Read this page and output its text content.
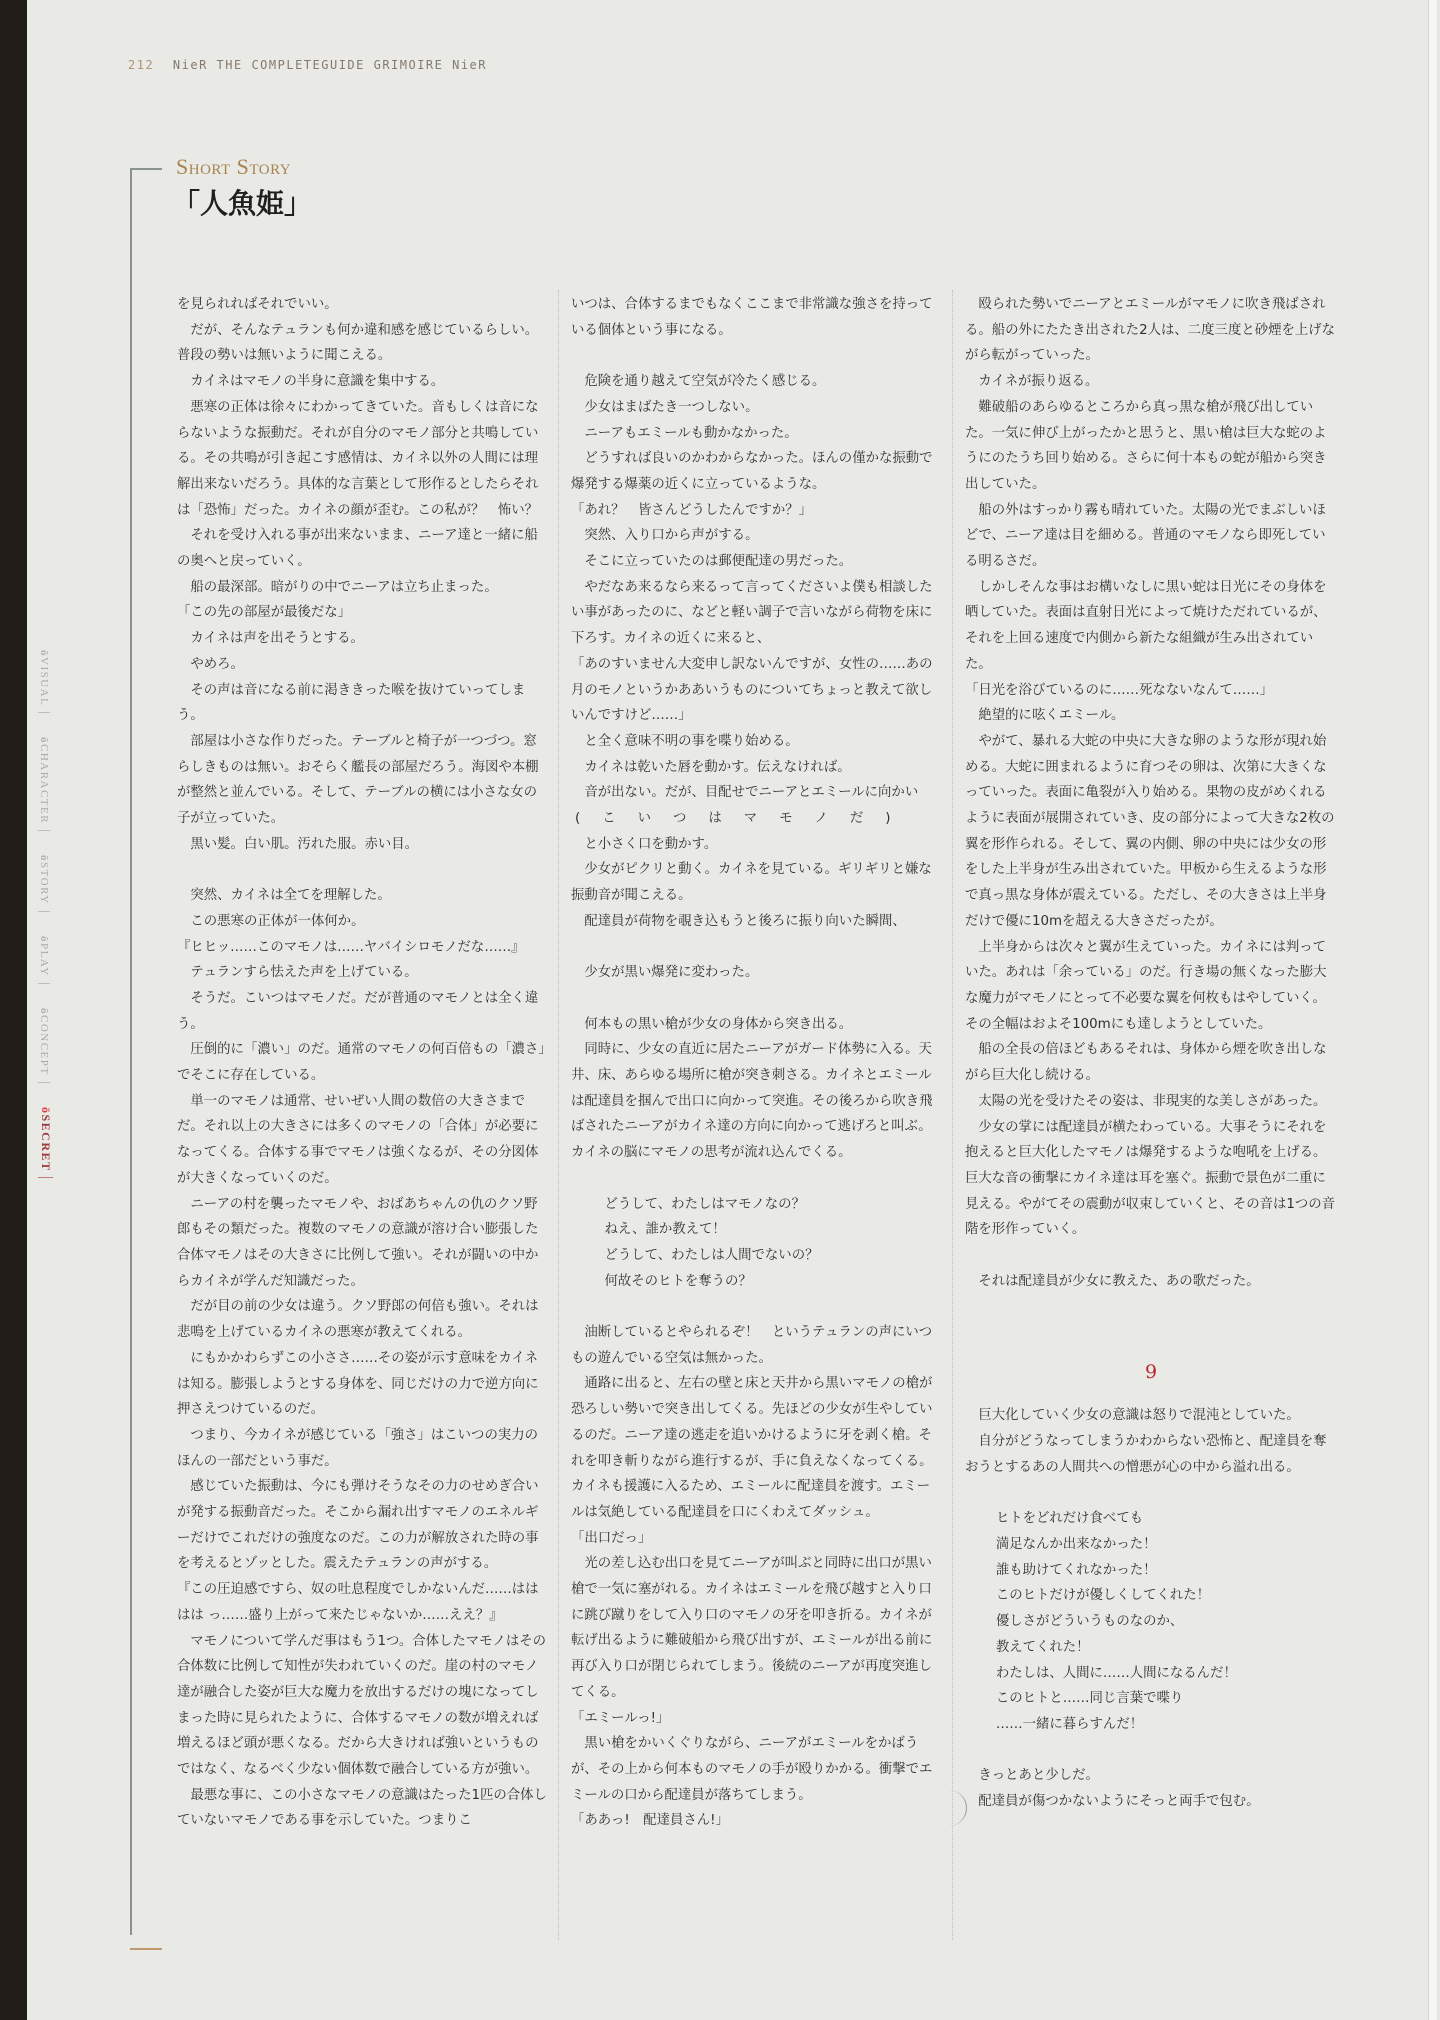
212 NieR THE COMPLETEGUIDE GRIMOIRE NieR
Short Story
「人魚姫」
ōVISUAL
ōCHARACTER
ōSTORY
ōPLAY
ōCONCEPT
ōSECRET

を見られればそれでいい。

だが、そんなテュランも何か違和感を感じているらしい。普段の勢いは無いように聞こえる。

カイネはマモノの半身に意識を集中する。

悪寒の正体は徐々にわかってきていた。音もしくは音にならないような振動だ。それが自分のマモノ部分と共鳴している。その共鳴が引き起こす感情は、カイネ以外の人間には理解出来ないだろう。具体的な言葉として形作るとしたらそれは「恐怖」だった。カイネの顔が歪む。この私が？　怖い？

それを受け入れる事が出来ないまま、ニーア達と一緒に船の奥へと戻っていく。

船の最深部。暗がりの中でニーアは立ち止まった。

「この先の部屋が最後だな」

カイネは声を出そうとする。

やめろ。

その声は音になる前に渇ききった喉を抜けていってしまう。

部屋は小さな作りだった。テーブルと椅子が一つづつ。窓らしきものは無い。おそらく艦長の部屋だろう。海図や本棚が整然と並んでいる。そして、テーブルの横には小さな女の子が立っていた。

黒い髪。白い肌。汚れた服。赤い目。

突然、カイネは全てを理解した。

この悪寒の正体が一体何か。

『ヒヒッ……このマモノは……ヤバイシロモノだな……』

テュランすら怯えた声を上げている。

そうだ。こいつはマモノだ。だが普通のマモノとは全く違う。

圧倒的に「濃い」のだ。通常のマモノの何百倍もの「濃さ」でそこに存在している。

単一のマモノは通常、せいぜい人間の数倍の大きさまでだ。それ以上の大きさには多くのマモノの「合体」が必要になってくる。合体する事でマモノは強くなるが、その分図体が大きくなっていくのだ。

ニーアの村を襲ったマモノや、おばあちゃんの仇のクソ野郎もその類だった。複数のマモノの意識が溶け合い膨張した合体マモノはその大きさに比例して強い。それが闘いの中からカイネが学んだ知識だった。

だが目の前の少女は違う。クソ野郎の何倍も強い。それは悲鳴を上げているカイネの悪寒が教えてくれる。

にもかかわらずこの小ささ……その姿が示す意味をカイネは知る。膨張しようとする身体を、同じだけの力で逆方向に押さえつけているのだ。

つまり、今カイネが感じている「強さ」はこいつの実力のほんの一部だという事だ。

感じていた振動は、今にも弾けそうなその力のせめぎ合いが発する振動音だった。そこから漏れ出すマモノのエネルギーだけでこれだけの強度なのだ。この力が解放された時の事を考えるとゾッとした。震えたテュランの声がする。

『この圧迫感ですら、奴の吐息程度でしかないんだ……はははは っ……盛り上がって来たじゃないか……ええ？』

マモノについて学んだ事はもう1つ。合体したマモノはその合体数に比例して知性が失われていくのだ。崖の村のマモノ達が融合した姿が巨大な魔力を放出するだけの塊になってしまった時に見られたように、合体するマモノの数が増えれば増えるほど頭が悪くなる。だから大きければ強いというものではなく、なるべく少ない個体数で融合している方が強い。

最悪な事に、この小さなマモノの意識はたった1匹の合体していないマモノである事を示していた。つまりこ

いつは、合体するまでもなくここまで非常識な強さを持っている個体という事になる。

危険を通り越えて空気が冷たく感じる。

少女はまばたき一つしない。

ニーアもエミールも動かなかった。

どうすれば良いのかわからなかった。ほんの僅かな振動で爆発する爆薬の近くに立っているような。

「あれ？　皆さんどうしたんですか？」

突然、入り口から声がする。

そこに立っていたのは郵便配達の男だった。

やだなあ来るなら来るって言ってくださいよ僕も相談したい事があったのに、などと軽い調子で言いながら荷物を床に下ろす。カイネの近くに来ると、

「あのすいません大変申し訳ないんですが、女性の……あの月のモノというかああいうものについてちょっと教えて欲しいんですけど……」

と全く意味不明の事を喋り始める。

カイネは乾いた唇を動かす。伝えなければ。

音が出ない。だが、目配せでニーアとエミールに向かい

(こいつはマモノだ)

と小さく口を動かす。

少女がピクリと動く。カイネを見ている。ギリギリと嫌な振動音が聞こえる。

配達員が荷物を覗き込もうと後ろに振り向いた瞬間、

少女が黒い爆発に変わった。

何本もの黒い槍が少女の身体から突き出る。

同時に、少女の直近に居たニーアがガード体勢に入る。天井、床、あらゆる場所に槍が突き刺さる。カイネとエミールは配達員を掴んで出口に向かって突進。その後ろから吹き飛ばされたニーアがカイネ達の方向に向かって逃げろと叫ぶ。カイネの脳にマモノの思考が流れ込んでくる。

どうして、わたしはマモノなの？

ねえ、誰か教えて！

どうして、わたしは人間でないの？

何故そのヒトを奪うの？

油断しているとやられるぞ！　というテュランの声にいつもの遊んでいる空気は無かった。

通路に出ると、左右の壁と床と天井から黒いマモノの槍が恐ろしい勢いで突き出してくる。先ほどの少女が生やしているのだ。ニーア達の逃走を追いかけるように牙を剥く槍。それを叩き斬りながら進行するが、手に負えなくなってくる。カイネも援護に入るため、エミールに配達員を渡す。エミールは気絶している配達員を口にくわえてダッシュ。

「出口だっ」

光の差し込む出口を見てニーアが叫ぶと同時に出口が黒い槍で一気に塞がれる。カイネはエミールを飛び越すと入り口に跳び蹴りをして入り口のマモノの牙を叩き折る。カイネが転げ出るように難破船から飛び出すが、エミールが出る前に再び入り口が閉じられてしまう。後続のニーアが再度突進してくる。

「エミールっ!」

黒い槍をかいくぐりながら、ニーアがエミールをかばうが、その上から何本ものマモノの手が殴りかかる。衝撃でエミールの口から配達員が落ちてしまう。

「ああっ!　配達員さん!」

殴られた勢いでニーアとエミールがマモノに吹き飛ばされる。船の外にたたき出された2人は、二度三度と砂煙を上げながら転がっていった。

カイネが振り返る。

難破船のあらゆるところから真っ黒な槍が飛び出していた。一気に伸び上がったかと思うと、黒い槍は巨大な蛇のようにのたうち回り始める。さらに何十本もの蛇が船から突き出していた。

船の外はすっかり霧も晴れていた。太陽の光でまぶしいほどで、ニーア達は目を細める。普通のマモノなら即死している明るさだ。

しかしそんな事はお構いなしに黒い蛇は日光にその身体を晒していた。表面は直射日光によって焼けただれているが、それを上回る速度で内側から新たな組織が生み出されていた。

「日光を浴びているのに……死なないなんて……」

絶望的に呟くエミール。

やがて、暴れる大蛇の中央に大きな卵のような形が現れ始める。大蛇に囲まれるように育つその卵は、次第に大きくなっていった。表面に亀裂が入り始める。果物の皮がめくれるように表面が展開されていき、皮の部分によって大きな2枚の翼を形作られる。そして、翼の内側、卵の中央には少女の形をした上半身が生み出されていた。甲板から生えるような形で真っ黒な身体が震えている。ただし、その大きさは上半身だけで優に10mを超える大きさだったが。

上半身からは次々と翼が生えていった。カイネには判っていた。あれは「余っている」のだ。行き場の無くなった膨大な魔力がマモノにとって不必要な翼を何枚もはやしていく。その全幅はおよそ100mにも達しようとしていた。

船の全長の倍ほどもあるそれは、身体から煙を吹き出しながら巨大化し続ける。

太陽の光を受けたその姿は、非現実的な美しさがあった。

少女の掌には配達員が横たわっている。大事そうにそれを抱えると巨大化したマモノは爆発するような咆吼を上げる。巨大な音の衝撃にカイネ達は耳を塞ぐ。振動で景色が二重に見える。やがてその震動が収束していくと、その音は1つの音階を形作っていく。

それは配達員が少女に教えた、あの歌だった。

9

巨大化していく少女の意識は怒りで混沌としていた。

自分がどうなってしまうかわからない恐怖と、配達員を奪おうとするあの人間共への憎悪が心の中から溢れ出る。

ヒトをどれだけ食べても

満足なんか出来なかった！

誰も助けてくれなかった！

このヒトだけが優しくしてくれた！

優しさがどういうものなのか、

教えてくれた！

わたしは、人間に……人間になるんだ！

このヒトと……同じ言葉で喋り

……一緒に暮らすんだ！

きっとあと少しだ。

配達員が傷つかないようにそっと両手で包む。
